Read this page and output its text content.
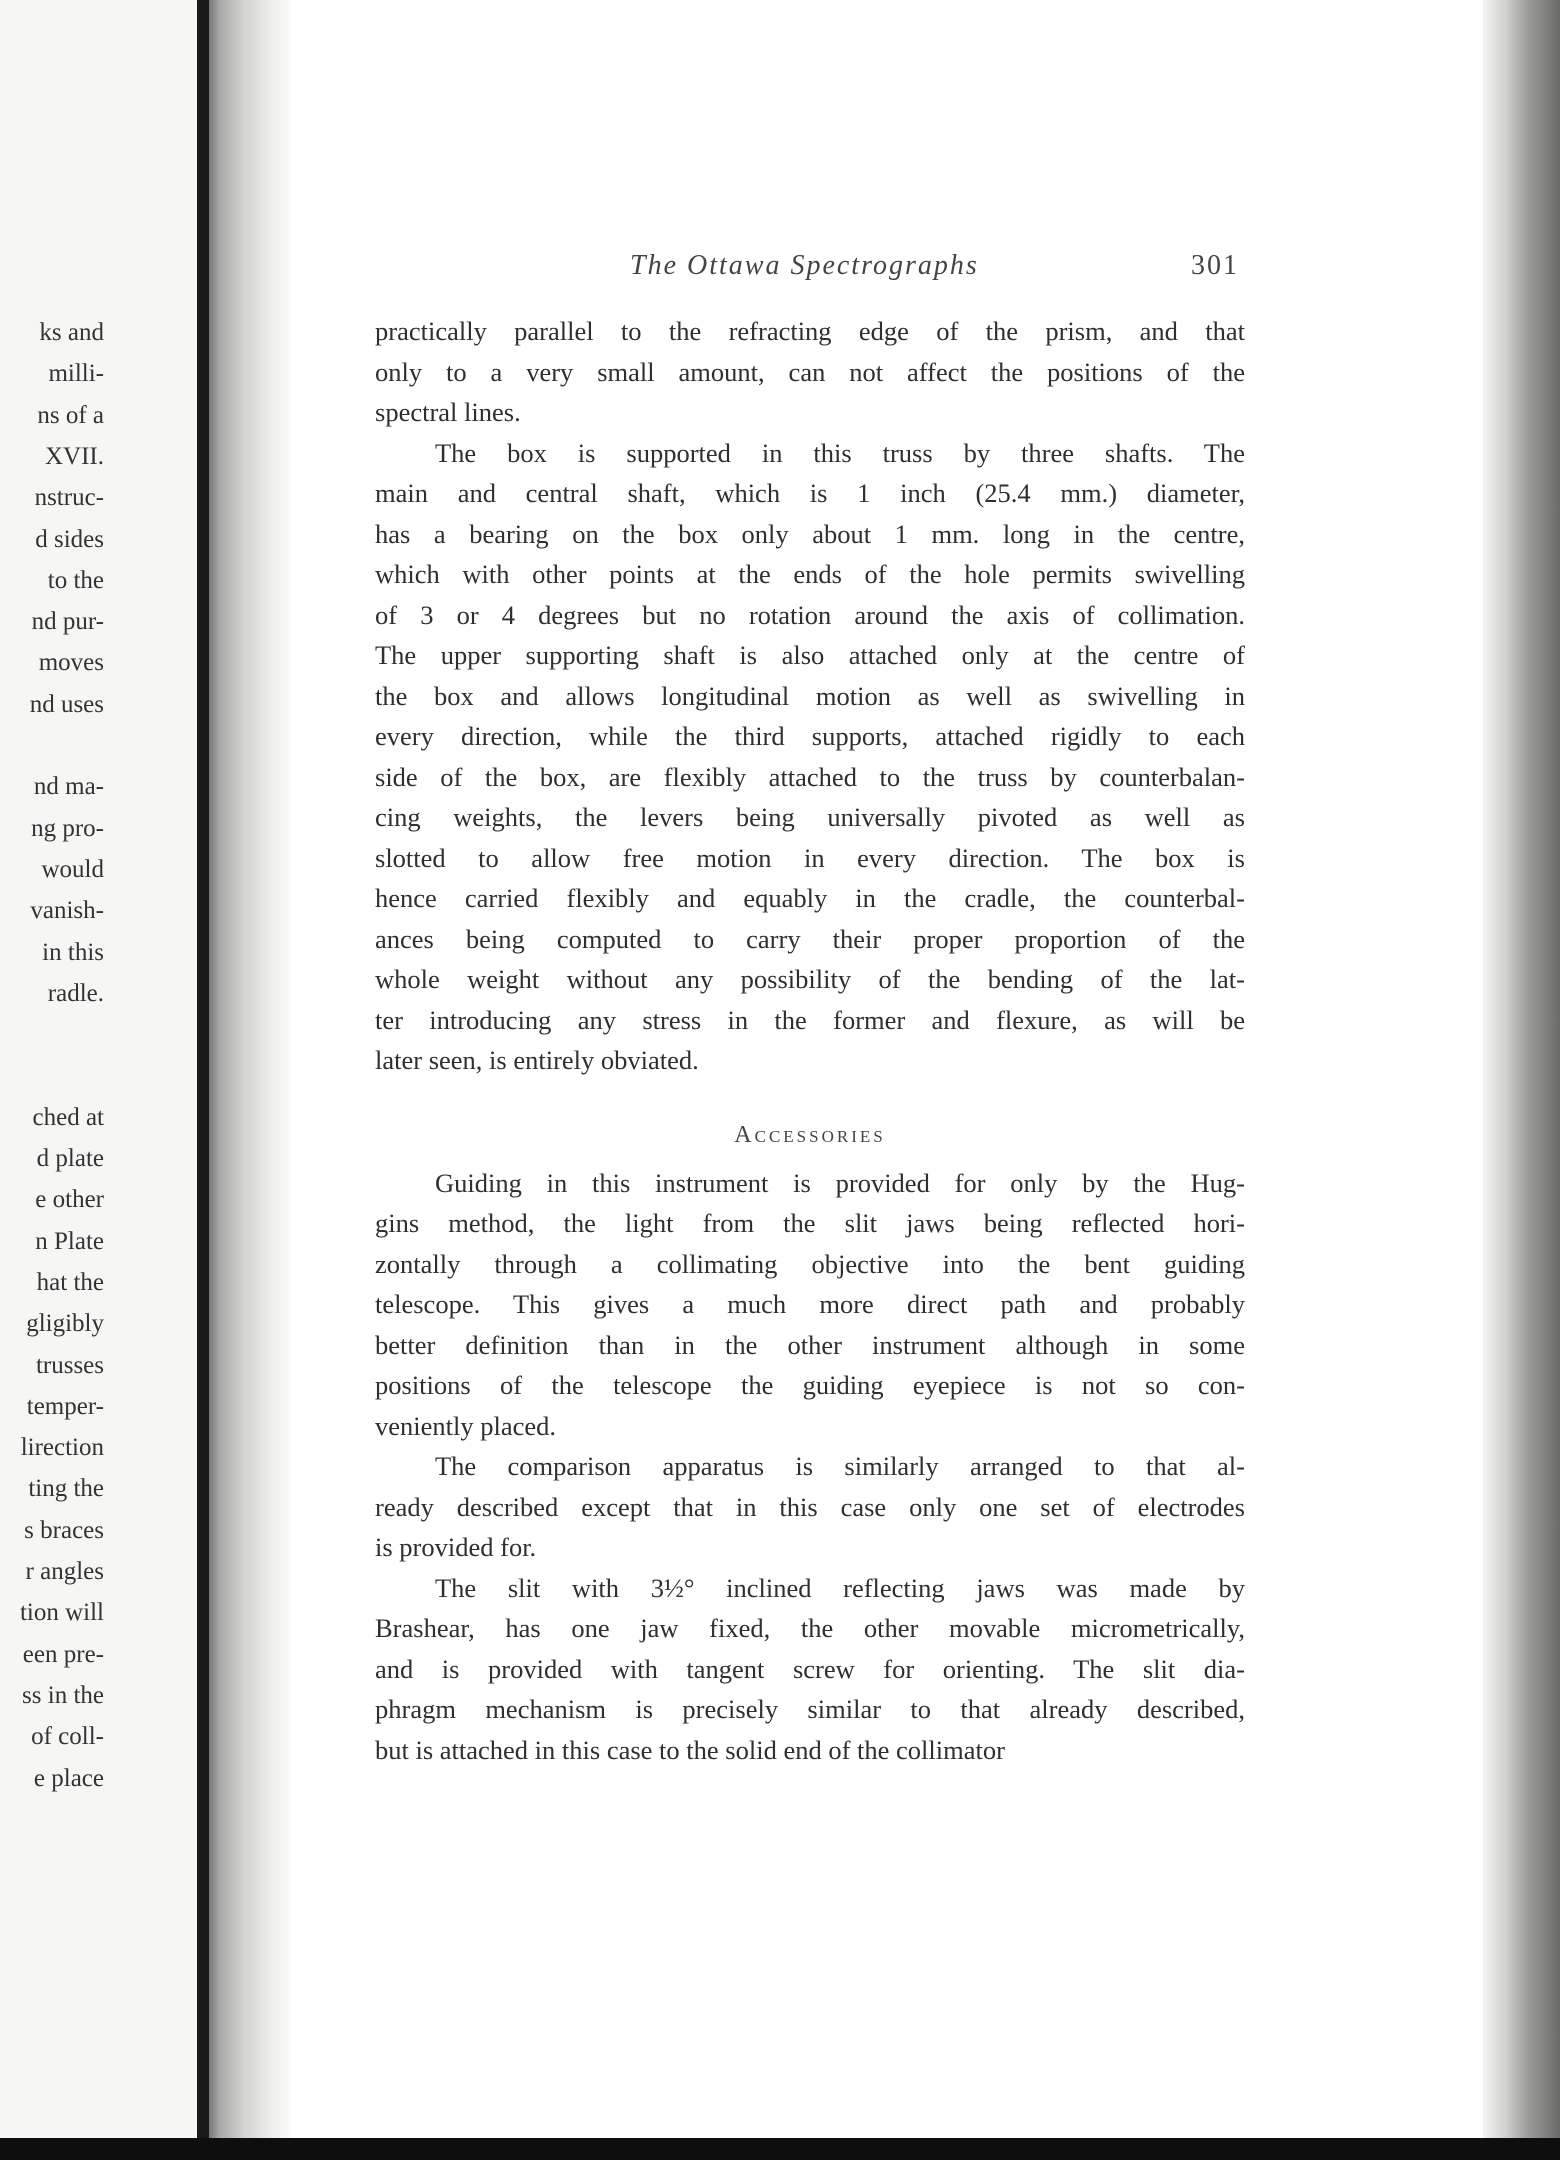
ks and
milli-
ns of a
XVII.
nstruc-
d sides
to the
nd pur-
moves
nd uses
nd ma-
ng pro-
would
vanish-
in this
radle.
ched at
d plate
e other
n Plate
hat the
gligibly
trusses
temper-
lirection
ting the
s braces
r angles
tion will
een pre-
ss in the
of coll-
e place
The Ottawa Spectrographs	301
practically parallel to the refracting edge of the prism, and that
only to a very small amount, can not affect the positions of the
spectral lines.
The box is supported in this truss by three shafts. The
main and central shaft, which is 1 inch (25.4 mm.) diameter,
has a bearing on the box only about 1 mm. long in the centre,
which with other points at the ends of the hole permits swivelling
of 3 or 4 degrees but no rotation around the axis of collimation.
The upper supporting shaft is also attached only at the centre of
the box and allows longitudinal motion as well as swivelling in
every direction, while the third supports, attached rigidly to each
side of the box, are flexibly attached to the truss by counterbalan-
cing weights, the levers being universally pivoted as well as
slotted to allow free motion in every direction. The box is
hence carried flexibly and equably in the cradle, the counterbal-
ances being computed to carry their proper proportion of the
whole weight without any possibility of the bending of the lat-
ter introducing any stress in the former and flexure, as will be
later seen, is entirely obviated.
Accessories
Guiding in this instrument is provided for only by the Hug-
gins method, the light from the slit jaws being reflected hori-
zontally through a collimating objective into the bent guiding
telescope. This gives a much more direct path and probably
better definition than in the other instrument although in some
positions of the telescope the guiding eyepiece is not so con-
veniently placed.
The comparison apparatus is similarly arranged to that al-
ready described except that in this case only one set of electrodes
is provided for.
The slit with 3½° inclined reflecting jaws was made by
Brashear, has one jaw fixed, the other movable micrometrically,
and is provided with tangent screw for orienting. The slit dia-
phragm mechanism is precisely similar to that already described,
but is attached in this case to the solid end of the collimator
